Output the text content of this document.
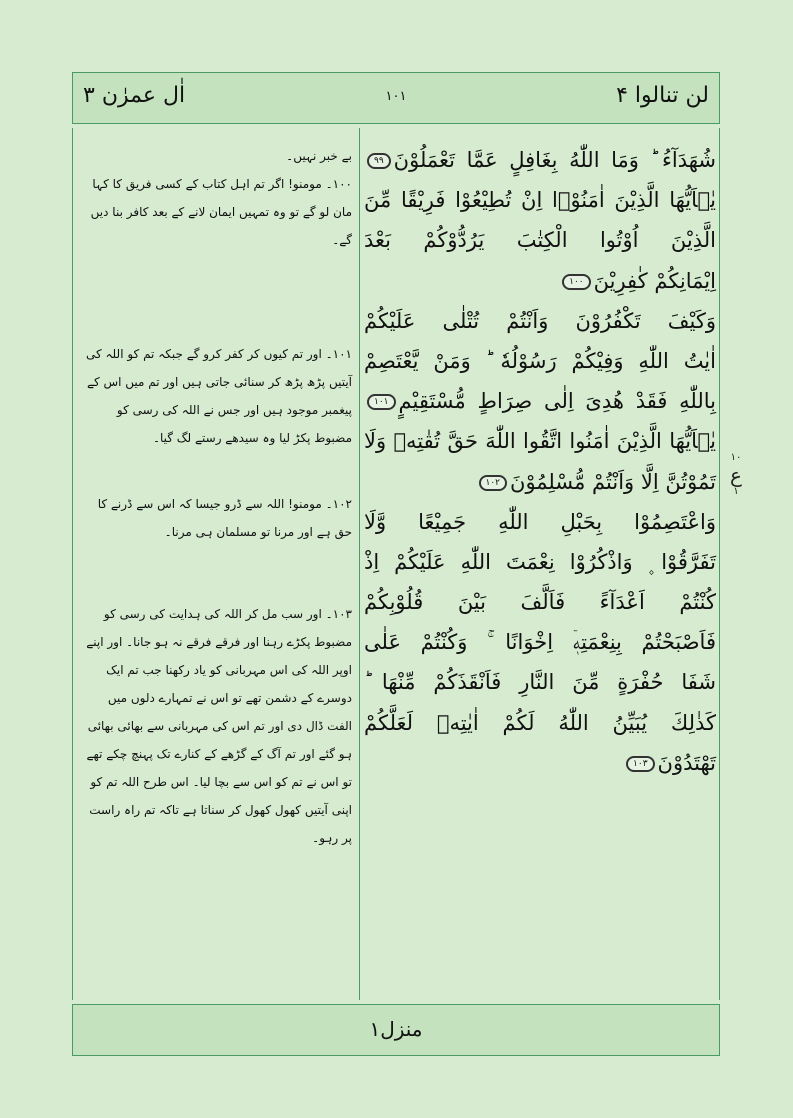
لن تنالوا ۴
۱۰۱
اٰل عمرٰن ۳
شُهَدَآءُ ؕ وَمَا اللّٰهُ بِغَافِلٍ عَمَّا تَعْمَلُوْنَ۹۹
يٰۤاَيُّهَا الَّذِيْنَ اٰمَنُوْۤا اِنْ تُطِيْعُوْا فَرِيْقًا مِّنَ
الَّذِيْنَ اُوْتُوا الْكِتٰبَ يَرُدُّوْكُمْ بَعْدَ
اِيْمَانِكُمْ كٰفِرِيْنَ۱۰۰
وَكَيْفَ تَكْفُرُوْنَ وَاَنْتُمْ تُتْلٰى عَلَيْكُمْ
اٰيٰتُ اللّٰهِ وَفِيْكُمْ رَسُوْلُهٗ ؕ وَمَنْ يَّعْتَصِمْ
بِاللّٰهِ فَقَدْ هُدِىَ اِلٰى صِرَاطٍ مُّسْتَقِيْمٍ۱۰۱
يٰۤاَيُّهَا الَّذِيْنَ اٰمَنُوا اتَّقُوا اللّٰهَ حَقَّ تُقٰتِهٖ وَلَا
تَمُوْتُنَّ اِلَّا وَاَنْتُمْ مُّسْلِمُوْنَ۱۰۲
وَاعْتَصِمُوْا بِحَبْلِ اللّٰهِ جَمِيْعًا وَّلَا
تَفَرَّقُوْا ۪ وَاذْكُرُوْا نِعْمَتَ اللّٰهِ عَلَيْكُمْ اِذْ
كُنْتُمْ اَعْدَآءً فَاَلَّفَ بَيْنَ قُلُوْبِكُمْ
فَاَصْبَحْتُمْ بِنِعْمَتِهٖۤ اِخْوَانًا ۚ وَكُنْتُمْ عَلٰى
شَفَا حُفْرَةٍ مِّنَ النَّارِ فَاَنْقَذَكُمْ مِّنْهَا ؕ
كَذٰلِكَ يُبَيِّنُ اللّٰهُ لَكُمْ اٰيٰتِهٖ لَعَلَّكُمْ
تَهْتَدُوْنَ۱۰۳
۱۰
ع
۱

بے خبر نہیں۔

۱۰۰۔ مومنو! اگر تم اہل کتاب کے کسی فریق کا کہا مان لو گے تو وہ تمہیں ایمان لانے کے بعد کافر بنا دیں گے۔

۱۰۱۔ اور تم کیوں کر کفر کرو گے جبکہ تم کو اللہ کی آیتیں پڑھ پڑھ کر سنائی جاتی ہیں اور تم میں اس کے پیغمبر موجود ہیں اور جس نے اللہ کی رسی کو مضبوط پکڑ لیا وہ سیدھے رستے لگ گیا۔

۱۰۲۔ مومنو! اللہ سے ڈرو جیسا کہ اس سے ڈرنے کا حق ہے اور مرنا تو مسلمان ہی مرنا۔

۱۰۳۔ اور سب مل کر اللہ کی ہدایت کی رسی کو مضبوط پکڑے رہنا اور فرقے فرقے نہ ہو جانا۔ اور اپنے اوپر اللہ کی اس مہربانی کو یاد رکھنا جب تم ایک دوسرے کے دشمن تھے تو اس نے تمہارے دلوں میں الفت ڈال دی اور تم اس کی مہربانی سے بھائی بھائی ہو گئے اور تم آگ کے گڑھے کے کنارے تک پہنچ چکے تھے تو اس نے تم کو اس سے بچا لیا۔ اس طرح اللہ تم کو اپنی آیتیں کھول کھول کر سناتا ہے تاکہ تم راہ راست پر رہو۔

منزل۱
